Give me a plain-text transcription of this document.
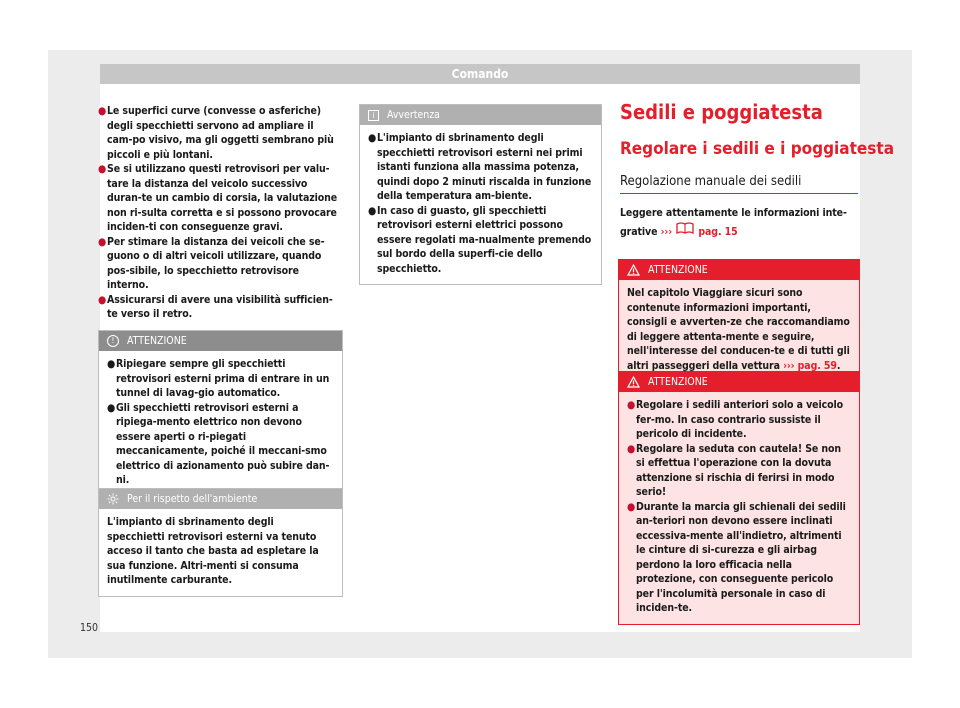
Comando

● Le superfici curve (convesse o asferiche) degli specchietti servono ad ampliare il cam-po visivo, ma gli oggetti sembrano più piccoli e più lontani.

● Se si utilizzano questi retrovisori per valu-tare la distanza del veicolo successivo duran-te un cambio di corsia, la valutazione non ri-sulta corretta e si possono provocare inciden-ti con conseguenze gravi.

● Per stimare la distanza dei veicoli che se-guono o di altri veicoli utilizzare, quando pos-sibile, lo specchietto retrovisore interno.

● Assicurarsi di avere una visibilità sufficien-te verso il retro.

!	ATTENZIONE

● Ripiegare sempre gli specchietti retrovisori esterni prima di entrare in un tunnel di lavag-gio automatico.

● Gli specchietti retrovisori esterni a ripiega-mento elettrico non devono essere aperti o ri-piegati meccanicamente, poiché il meccani-smo elettrico di azionamento può subire dan-ni.

Per il rispetto dell'ambiente

L'impianto di sbrinamento degli specchietti retrovisori esterni va tenuto acceso il tanto che basta ad espletare la sua funzione. Altri-menti si consuma inutilmente carburante.

i	Avvertenza

● L'impianto di sbrinamento degli specchietti retrovisori esterni nei primi istanti funziona alla massima potenza, quindi dopo 2 minuti riscalda in funzione della temperatura am-biente.

● In caso di guasto, gli specchietti retrovisori esterni elettrici possono essere regolati ma-nualmente premendo sul bordo della superfi-cie dello specchietto.

Sedili e poggiatesta
Regolare i sedili e i poggiatesta
Regolazione manuale dei sedili
Leggere attentamente le informazioni inte-grative ›››	pag. 15
ATTENZIONE

Nel capitolo Viaggiare sicuri sono contenute informazioni importanti, consigli e avverten-ze che raccomandiamo di leggere attenta-mente e seguire, nell'interesse del conducen-te e di tutti gli altri passeggeri della vettura ››› pag. 59.

ATTENZIONE

● Regolare i sedili anteriori solo a veicolo fer-mo. In caso contrario sussiste il pericolo di incidente.

● Regolare la seduta con cautela! Se non si effettua l'operazione con la dovuta attenzione si rischia di ferirsi in modo serio!

● Durante la marcia gli schienali dei sedili an-teriori non devono essere inclinati eccessiva-mente all'indietro, altrimenti le cinture di si-curezza e gli airbag perdono la loro efficacia nella protezione, con conseguente pericolo per l'incolumità personale in caso di inciden-te.

150
